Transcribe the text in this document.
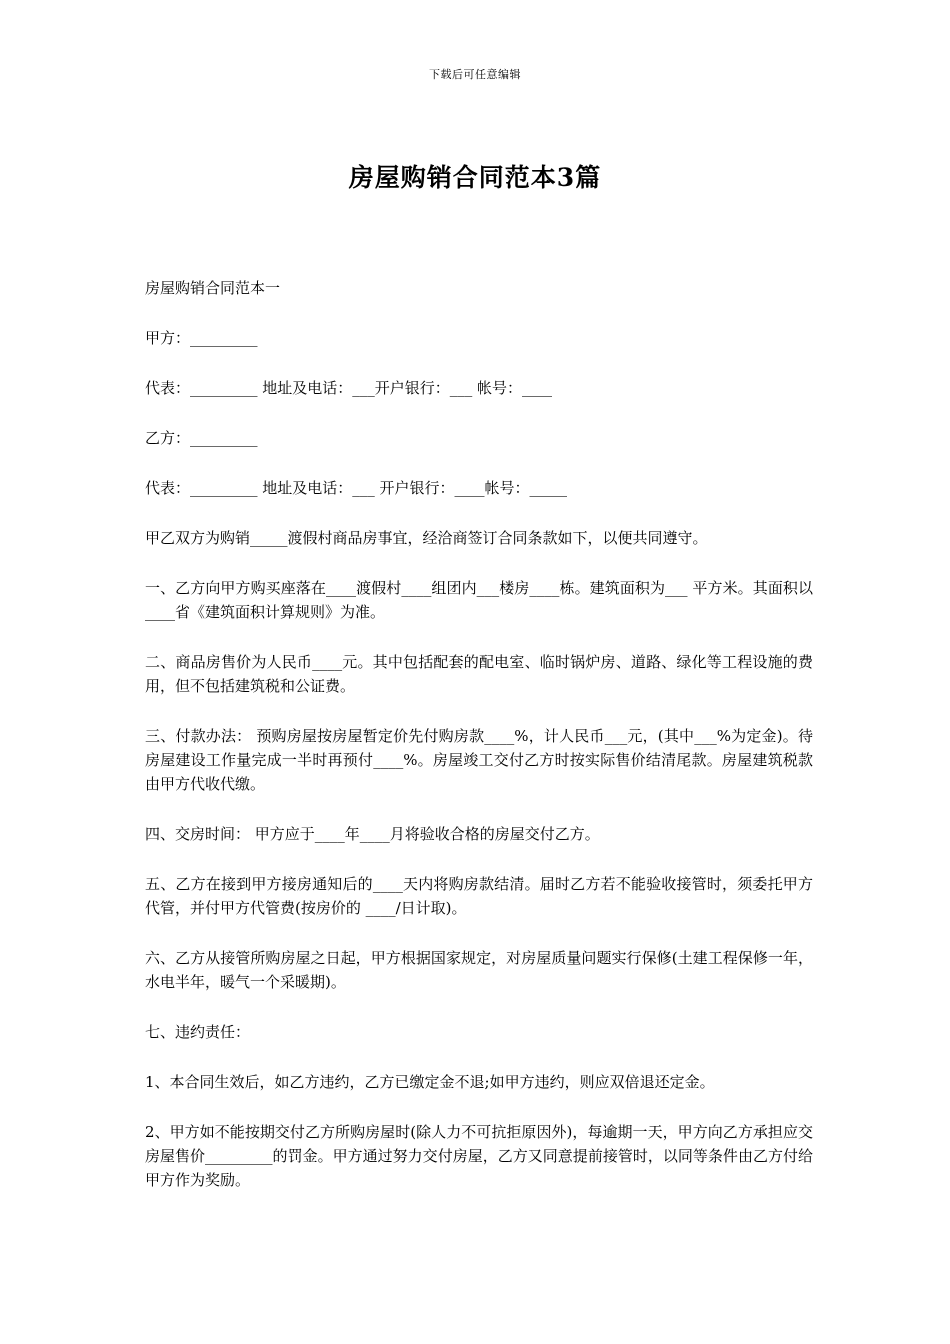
下载后可任意编辑
房屋购销合同范本3篇

房屋购销合同范本一

甲方：_________

代表：_________ 地址及电话：___开户银行：___ 帐号：____

乙方：_________

代表：_________ 地址及电话：___ 开户银行：____帐号：_____

甲乙双方为购销_____渡假村商品房事宜，经洽商签订合同条款如下，以便共同遵守。

一、乙方向甲方购买座落在____渡假村____组团内___楼房____栋。建筑面积为___ 平方米。其面积以____省《建筑面积计算规则》为准。

二、商品房售价为人民币____元。其中包括配套的配电室、临时锅炉房、道路、绿化等工程设施的费用，但不包括建筑税和公证费。

三、付款办法： 预购房屋按房屋暂定价先付购房款____%，计人民币___元，(其中___%为定金)。待房屋建设工作量完成一半时再预付____%。房屋竣工交付乙方时按实际售价结清尾款。房屋建筑税款由甲方代收代缴。

四、交房时间： 甲方应于____年____月将验收合格的房屋交付乙方。

五、乙方在接到甲方接房通知后的____天内将购房款结清。届时乙方若不能验收接管时，须委托甲方代管，并付甲方代管费(按房价的 ____/日计取)。

六、乙方从接管所购房屋之日起，甲方根据国家规定，对房屋质量问题实行保修(土建工程保修一年，水电半年，暖气一个采暖期)。

七、违约责任：

1、本合同生效后，如乙方违约，乙方已缴定金不退;如甲方违约，则应双倍退还定金。

2、甲方如不能按期交付乙方所购房屋时(除人力不可抗拒原因外)，每逾期一天，甲方向乙方承担应交房屋售价_________的罚金。甲方通过努力交付房屋，乙方又同意提前接管时，以同等条件由乙方付给甲方作为奖励。
